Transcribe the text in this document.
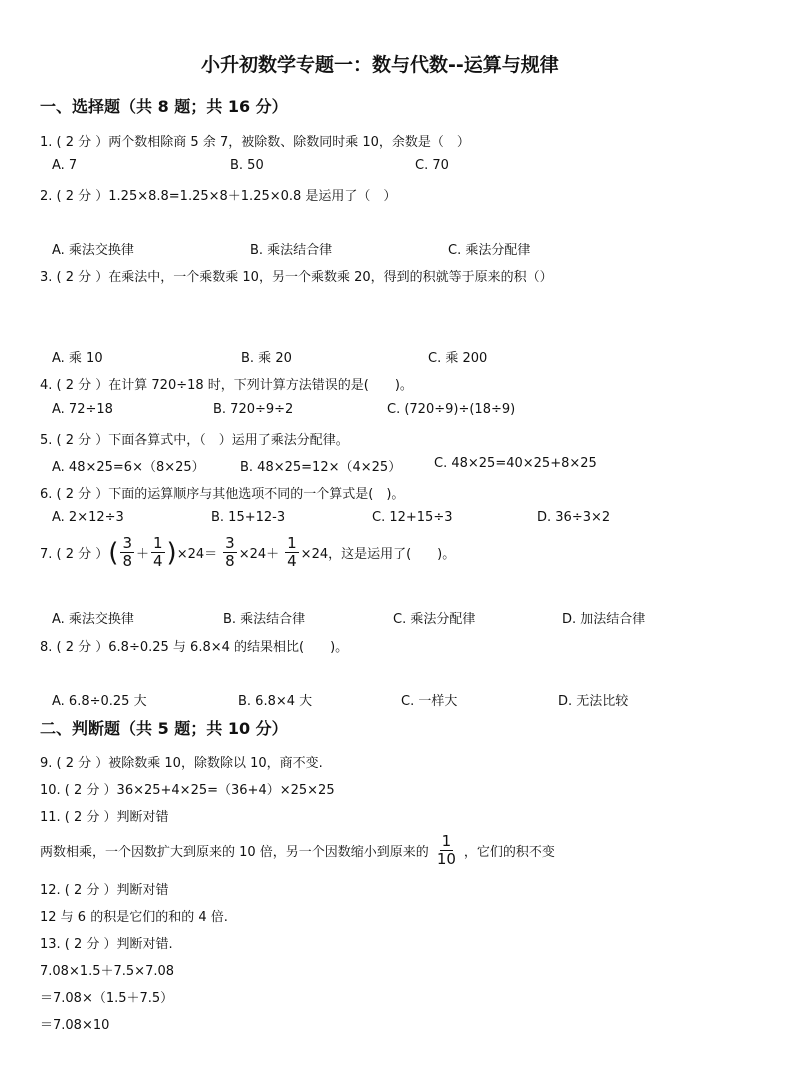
小升初数学专题一：数与代数--运算与规律
一、选择题（共 8 题；共 16 分）
1. ( 2 分 ）两个数相除商 5 余 7，被除数、除数同时乘 10，余数是（　）
A. 7	B. 50	C. 70
2. ( 2 分 ）1.25×8.8=1.25×8＋1.25×0.8 是运用了（　）
A. 乘法交换律	B. 乘法结合律	C. 乘法分配律
3. ( 2 分 ）在乘法中，一个乘数乘 10，另一个乘数乘 20，得到的积就等于原来的积（）
A. 乘 10	B. 乘 20	C. 乘 200
4. ( 2 分 ）在计算 720÷18 时，下列计算方法错误的是(　　)。
A. 72÷18	B. 720÷9÷2	C. (720÷9)÷(18÷9)
5. ( 2 分 ）下面各算式中，（　）运用了乘法分配律。
A. 48×25=6×（8×25）	B. 48×25=12×（4×25）	C. 48×25=40×25+8×25
6. ( 2 分 ）下面的运算顺序与其他选项不同的一个算式是(　)。
A. 2×12÷3	B. 15+12-3	C. 12+15÷3	D. 36÷3×2
7. ( 2 分 ） ( $\frac{3}{8} + \frac{1}{4}$ ) $\times 24= \frac{3}{8} \times 24+ \frac{1}{4} \times 24$，这是运用了(　　)。
A. 乘法交换律	B. 乘法结合律	C. 乘法分配律	D. 加法结合律
8. ( 2 分 ）6.8÷0.25 与 6.8×4 的结果相比(　　)。
A. 6.8÷0.25 大	B. 6.8×4 大	C. 一样大	D. 无法比较
二、判断题（共 5 题；共 10 分）
9. ( 2 分 ）被除数乘 10，除数除以 10，商不变.
10. ( 2 分 ）36×25+4×25=（36+4）×25×25
11. ( 2 分 ）判断对错
两数相乘，一个因数扩大到原来的 10 倍，另一个因数缩小到原来的 $\frac{1}{10}$ ，它们的积不变
12. ( 2 分 ）判断对错
12 与 6 的积是它们的和的 4 倍.
13. ( 2 分 ）判断对错.
7.08×1.5＋7.5×7.08
＝7.08×（1.5＋7.5）
＝7.08×10
